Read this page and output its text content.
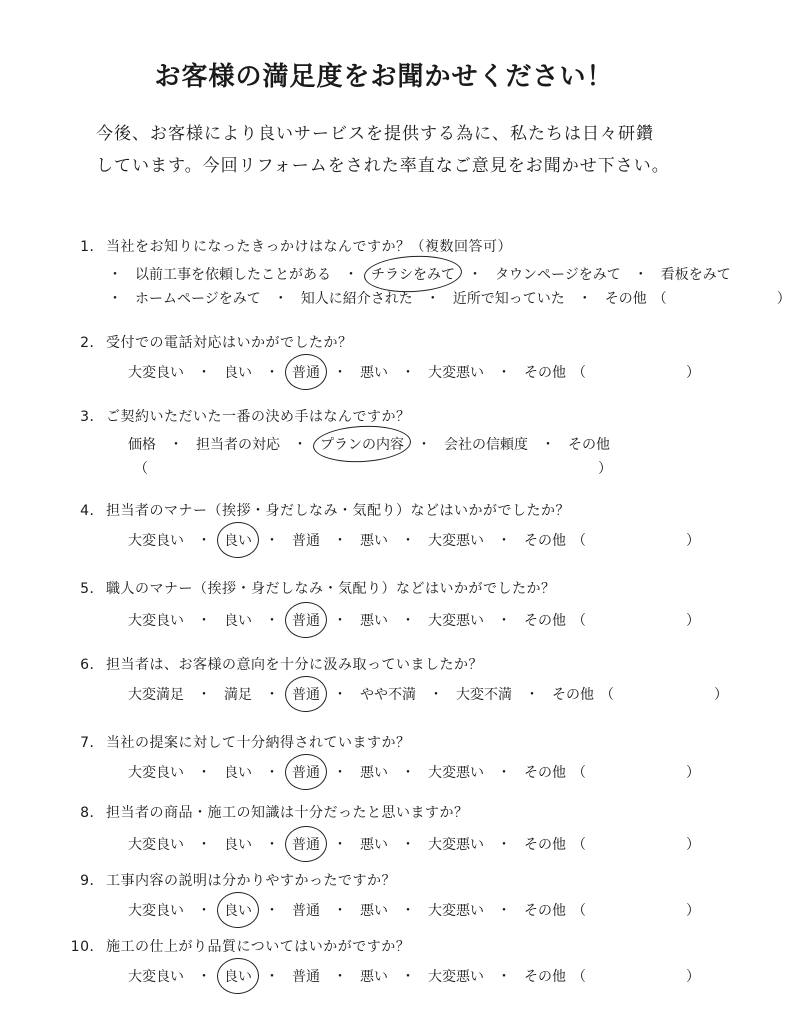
お客様の満足度をお聞かせください！
今後、お客様により良いサービスを提供する為に、私たちは日々研鑽
しています。今回リフォームをされた率直なご意見をお聞かせ下さい。
1． 当社をお知りになったきっかけはなんですか？（複数回答可）
・ 以前工事を依頼したことがある ・ チラシをみて ・ タウンページをみて ・ 看板をみて
・ ホームページをみて ・ 知人に紹介された ・ 近所で知っていた ・ その他 （	）
2． 受付での電話対応はいかがでしたか？
大変良い ・ 良い ・ 普通 ・ 悪い ・ 大変悪い ・ その他 （	）
3． ご契約いただいた一番の決め手はなんですか？
価格 ・ 担当者の対応 ・ プランの内容 ・ 会社の信頼度 ・ その他
（	）
4． 担当者のマナー（挨拶・身だしなみ・気配り）などはいかがでしたか？
大変良い ・ 良い ・ 普通 ・ 悪い ・ 大変悪い ・ その他 （	）
5． 職人のマナー（挨拶・身だしなみ・気配り）などはいかがでしたか？
大変良い ・ 良い ・ 普通 ・ 悪い ・ 大変悪い ・ その他 （	）
6． 担当者は、お客様の意向を十分に汲み取っていましたか？
大変満足 ・ 満足 ・ 普通 ・ やや不満 ・ 大変不満 ・ その他 （	）
7． 当社の提案に対して十分納得されていますか？
大変良い ・ 良い ・ 普通 ・ 悪い ・ 大変悪い ・ その他 （	）
8． 担当者の商品・施工の知識は十分だったと思いますか？
大変良い ・ 良い ・ 普通 ・ 悪い ・ 大変悪い ・ その他 （	）
9． 工事内容の説明は分かりやすかったですか？
大変良い ・ 良い ・ 普通 ・ 悪い ・ 大変悪い ・ その他 （	）
10． 施工の仕上がり品質についてはいかがですか？
大変良い ・ 良い ・ 普通 ・ 悪い ・ 大変悪い ・ その他 （	）
